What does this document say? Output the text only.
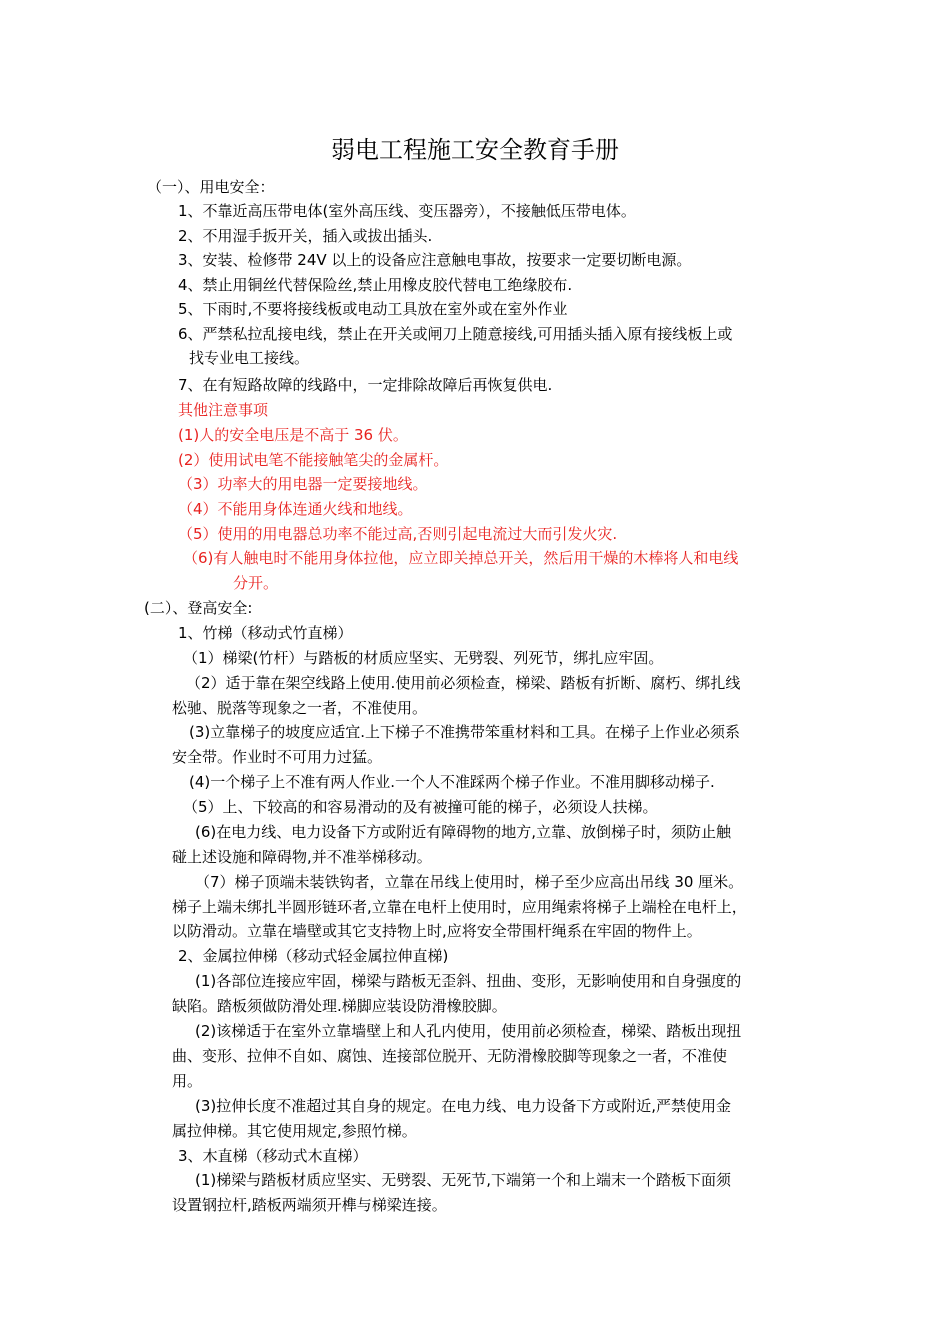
弱电工程施工安全教育手册
（一）、用电安全：
1、不靠近高压带电体(室外高压线、变压器旁），不接触低压带电体。
2、不用湿手扳开关，插入或拔出插头.
3、安装、检修带 24V 以上的设备应注意触电事故，按要求一定要切断电源。
4、禁止用铜丝代替保险丝,禁止用橡皮胶代替电工绝缘胶布.
5、下雨时,不要将接线板或电动工具放在室外或在室外作业
6、严禁私拉乱接电线，禁止在开关或闸刀上随意接线,可用插头插入原有接线板上或
找专业电工接线。
7、在有短路故障的线路中，一定排除故障后再恢复供电.
其他注意事项
(1)人的安全电压是不高于 36 伏。
(2）使用试电笔不能接触笔尖的金属杆。
（3）功率大的用电器一定要接地线。
（4）不能用身体连通火线和地线。
（5）使用的用电器总功率不能过高,否则引起电流过大而引发火灾.
（6)有人触电时不能用身体拉他，应立即关掉总开关，然后用干燥的木棒将人和电线
分开。
(二）、登高安全:
1、竹梯（移动式竹直梯）
（1）梯梁(竹杆）与踏板的材质应坚实、无劈裂、列死节，绑扎应牢固。
（2）适于靠在架空线路上使用.使用前必须检查，梯梁、踏板有折断、腐朽、绑扎线
松驰、脱落等现象之一者，不准使用。
(3)立靠梯子的坡度应适宜.上下梯子不准携带笨重材料和工具。在梯子上作业必须系
安全带。作业时不可用力过猛。
(4)一个梯子上不准有两人作业.一个人不准踩两个梯子作业。不准用脚移动梯子.
（5）上、下较高的和容易滑动的及有被撞可能的梯子，必须设人扶梯。
(6)在电力线、电力设备下方或附近有障碍物的地方,立靠、放倒梯子时，须防止触
碰上述设施和障碍物,并不准举梯移动。
（7）梯子顶端未装铁钩者，立靠在吊线上使用时，梯子至少应高出吊线 30 厘米。
梯子上端未绑扎半圆形链环者,立靠在电杆上使用时，应用绳索将梯子上端栓在电杆上，
以防滑动。立靠在墙壁或其它支持物上时,应将安全带围杆绳系在牢固的物件上。
2、金属拉伸梯（移动式轻金属拉伸直梯)
(1)各部位连接应牢固，梯梁与踏板无歪斜、扭曲、变形，无影响使用和自身强度的
缺陷。踏板须做防滑处理.梯脚应装设防滑橡胶脚。
(2)该梯适于在室外立靠墙壁上和人孔内使用，使用前必须检查，梯梁、踏板出现扭
曲、变形、拉伸不自如、腐蚀、连接部位脱开、无防滑橡胶脚等现象之一者，不准使
用。
(3)拉伸长度不准超过其自身的规定。在电力线、电力设备下方或附近,严禁使用金
属拉伸梯。其它使用规定,参照竹梯。
3、木直梯（移动式木直梯）
(1)梯梁与踏板材质应坚实、无劈裂、无死节,下端第一个和上端末一个踏板下面须
设置钢拉杆,踏板两端须开榫与梯梁连接。
